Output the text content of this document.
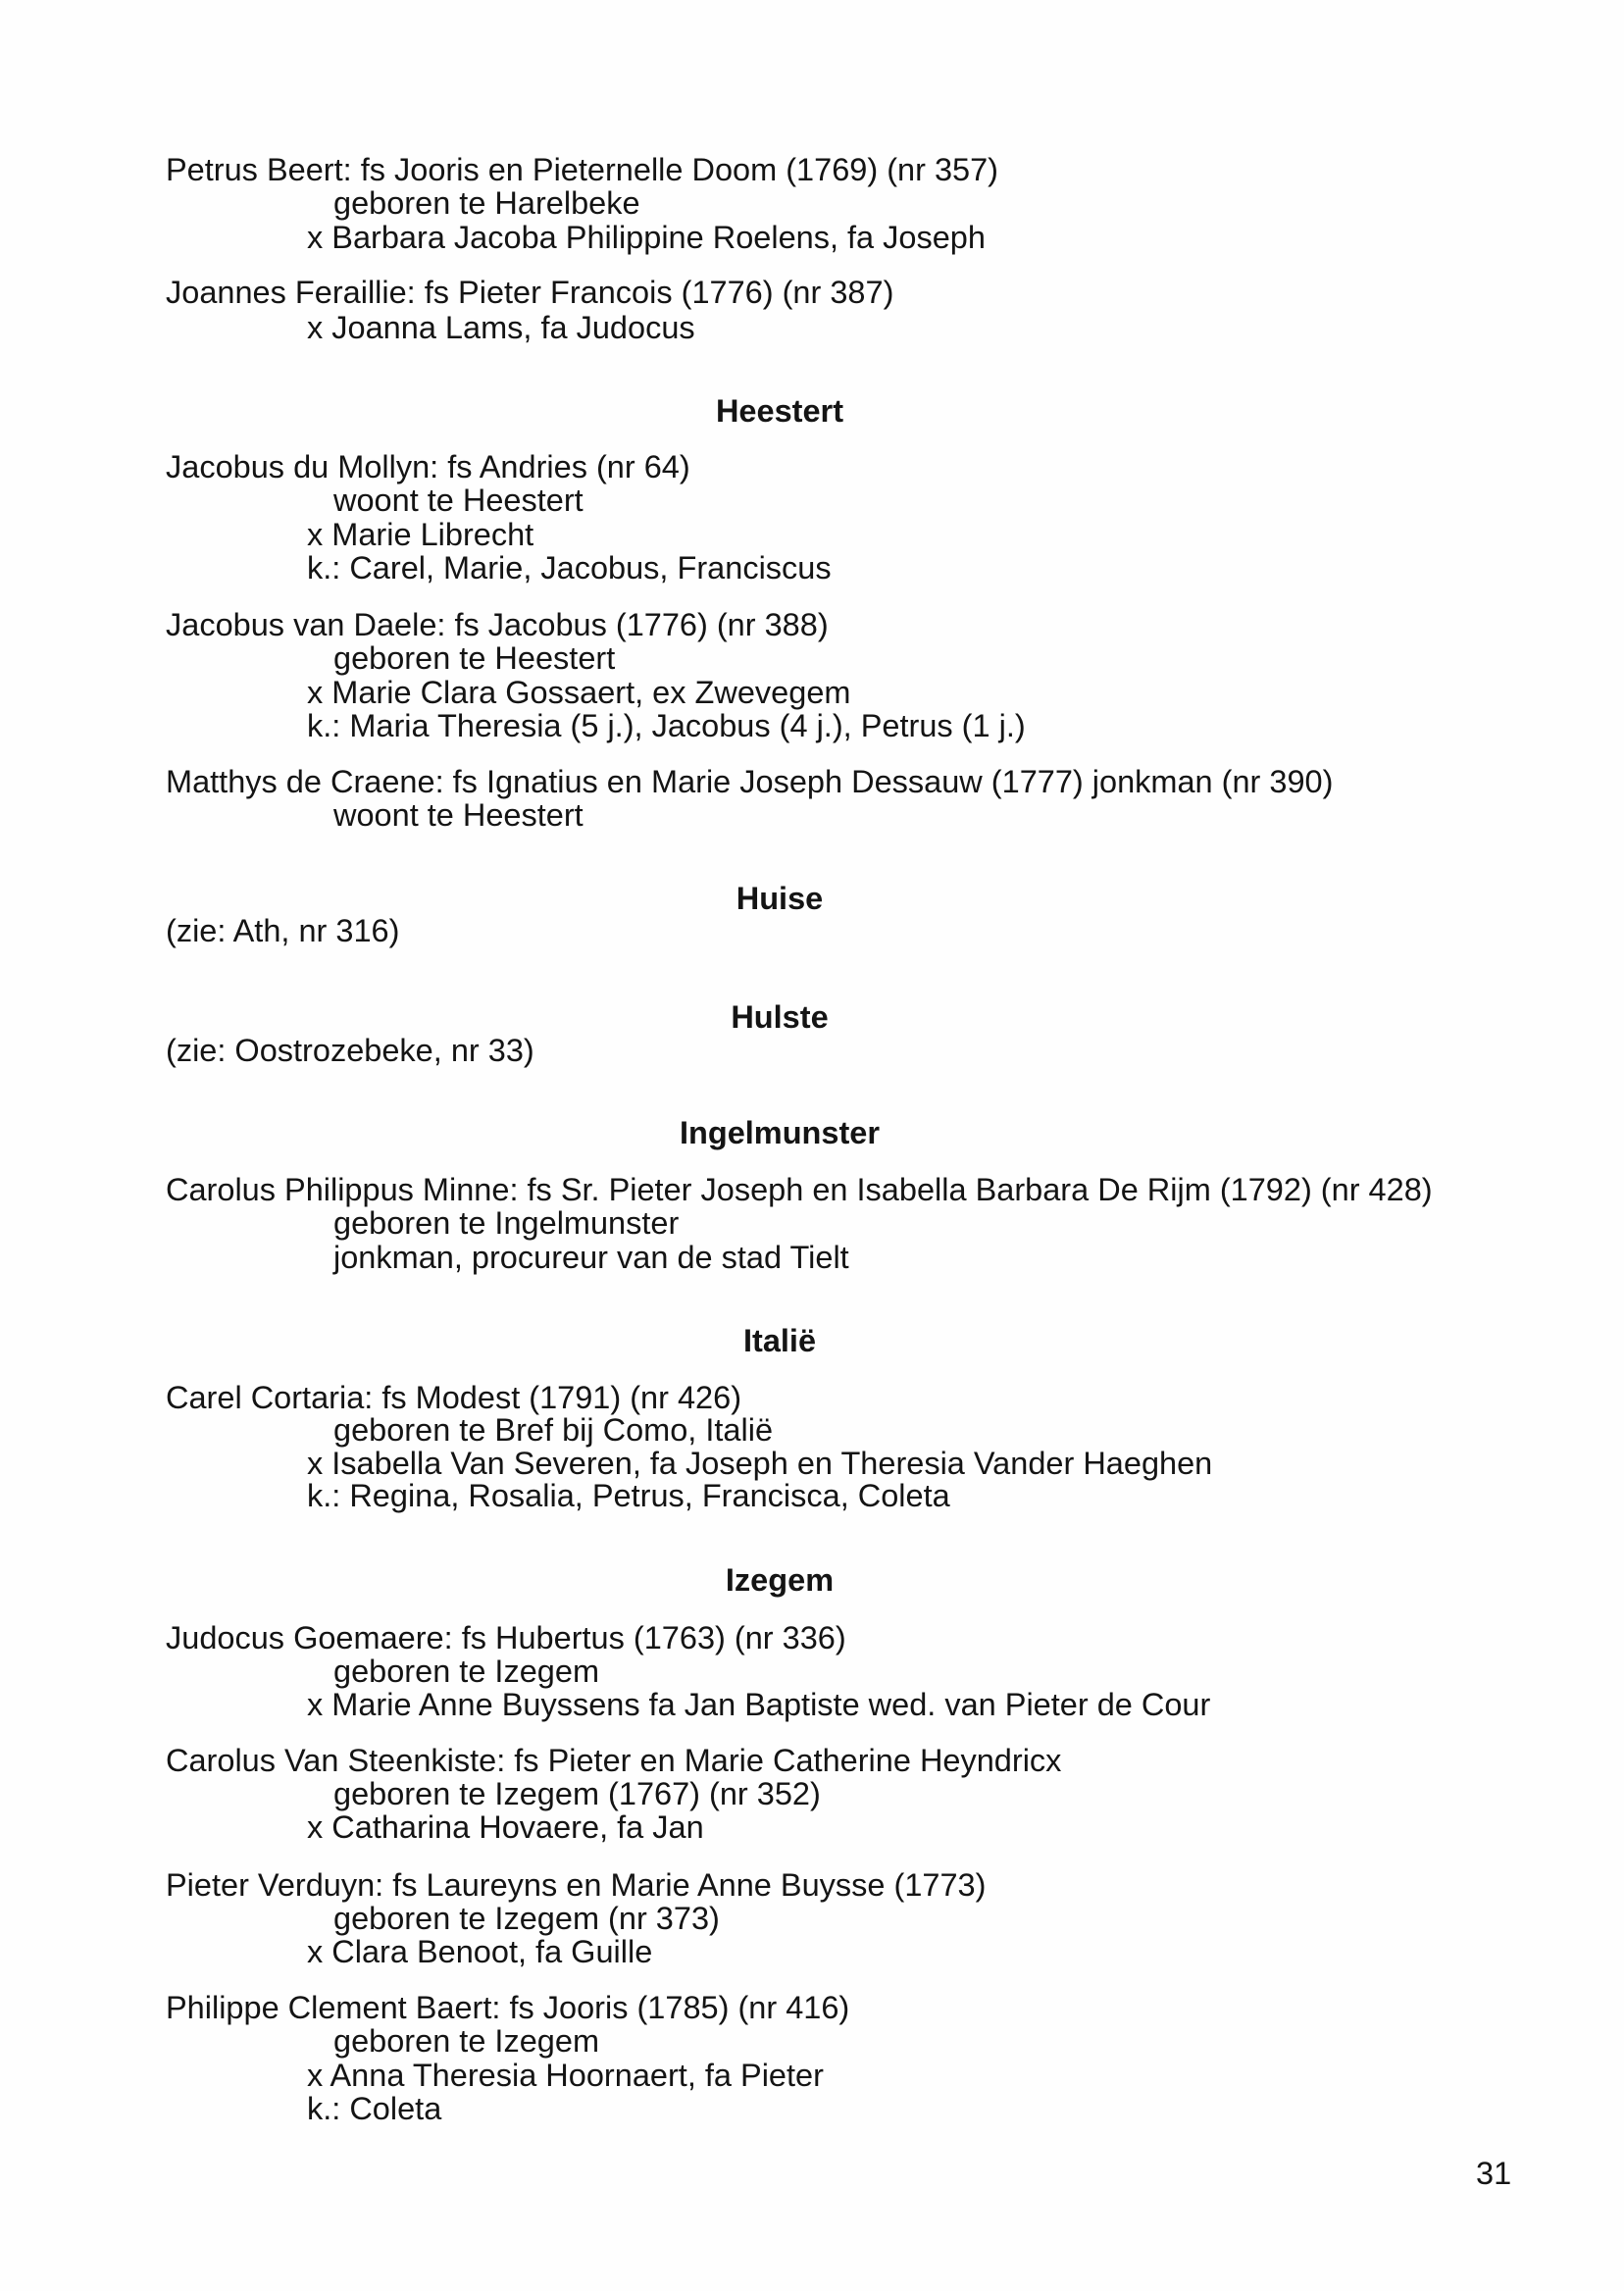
Petrus Beert: fs Jooris en Pieternelle Doom (1769) (nr 357)
geboren te Harelbeke
x Barbara Jacoba Philippine Roelens, fa Joseph
Joannes Feraillie: fs Pieter Francois (1776) (nr 387)
x Joanna Lams, fa Judocus
Heestert
Jacobus du Mollyn: fs Andries (nr 64)
woont te Heestert
x Marie Librecht
k.: Carel, Marie, Jacobus, Franciscus
Jacobus van Daele: fs Jacobus (1776) (nr 388)
geboren te Heestert
x Marie Clara Gossaert, ex Zwevegem
k.: Maria Theresia (5 j.), Jacobus (4 j.), Petrus (1 j.)
Matthys de Craene: fs Ignatius en Marie Joseph Dessauw (1777) jonkman (nr 390)
woont te Heestert
Huise
(zie: Ath, nr 316)
Hulste
(zie: Oostrozebeke, nr 33)
Ingelmunster
Carolus Philippus Minne: fs Sr. Pieter Joseph en Isabella Barbara De Rijm (1792) (nr 428)
geboren te Ingelmunster
jonkman, procureur van de stad Tielt
Italië
Carel Cortaria: fs Modest (1791) (nr 426)
geboren te Bref bij Como, Italië
x Isabella Van Severen, fa Joseph en Theresia Vander Haeghen
k.: Regina, Rosalia, Petrus, Francisca, Coleta
Izegem
Judocus Goemaere: fs Hubertus (1763) (nr 336)
geboren te Izegem
x Marie Anne Buyssens fa Jan Baptiste wed. van Pieter de Cour
Carolus Van Steenkiste: fs Pieter en Marie Catherine Heyndricx
geboren te Izegem (1767) (nr 352)
x Catharina Hovaere, fa Jan
Pieter Verduyn: fs Laureyns en Marie Anne Buysse (1773)
geboren te Izegem (nr 373)
x Clara Benoot, fa Guille
Philippe Clement Baert: fs Jooris (1785) (nr 416)
geboren te Izegem
x Anna Theresia Hoornaert, fa Pieter
k.: Coleta
31
